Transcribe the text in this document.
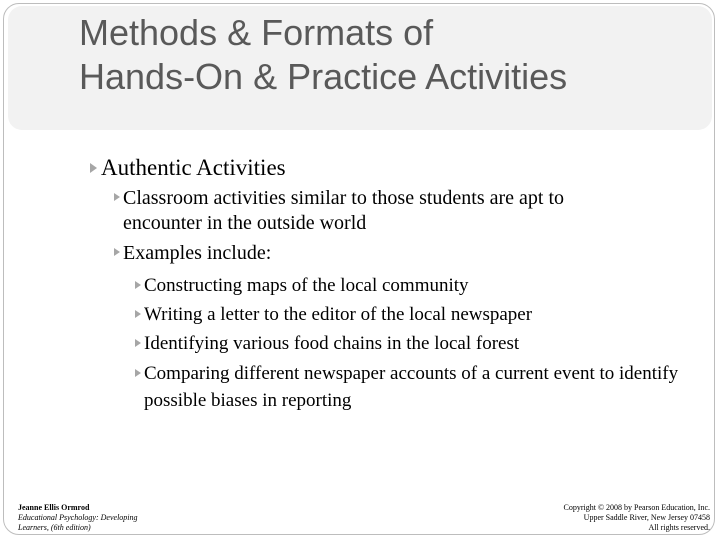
Methods & Formats of
Hands-On & Practice Activities
Authentic Activities
Classroom activities similar to those students are apt to encounter in the outside world
Examples include:
Constructing maps of the local community
Writing a letter to the editor of the local newspaper
Identifying various food chains in the local forest
Comparing different newspaper accounts of a current event to identify possible biases in reporting
Jeanne Ellis Ormrod
Educational Psychology: Developing Learners, (6th edition)
Copyright © 2008 by Pearson Education, Inc.
Upper Saddle River, New Jersey 07458
All rights reserved.
